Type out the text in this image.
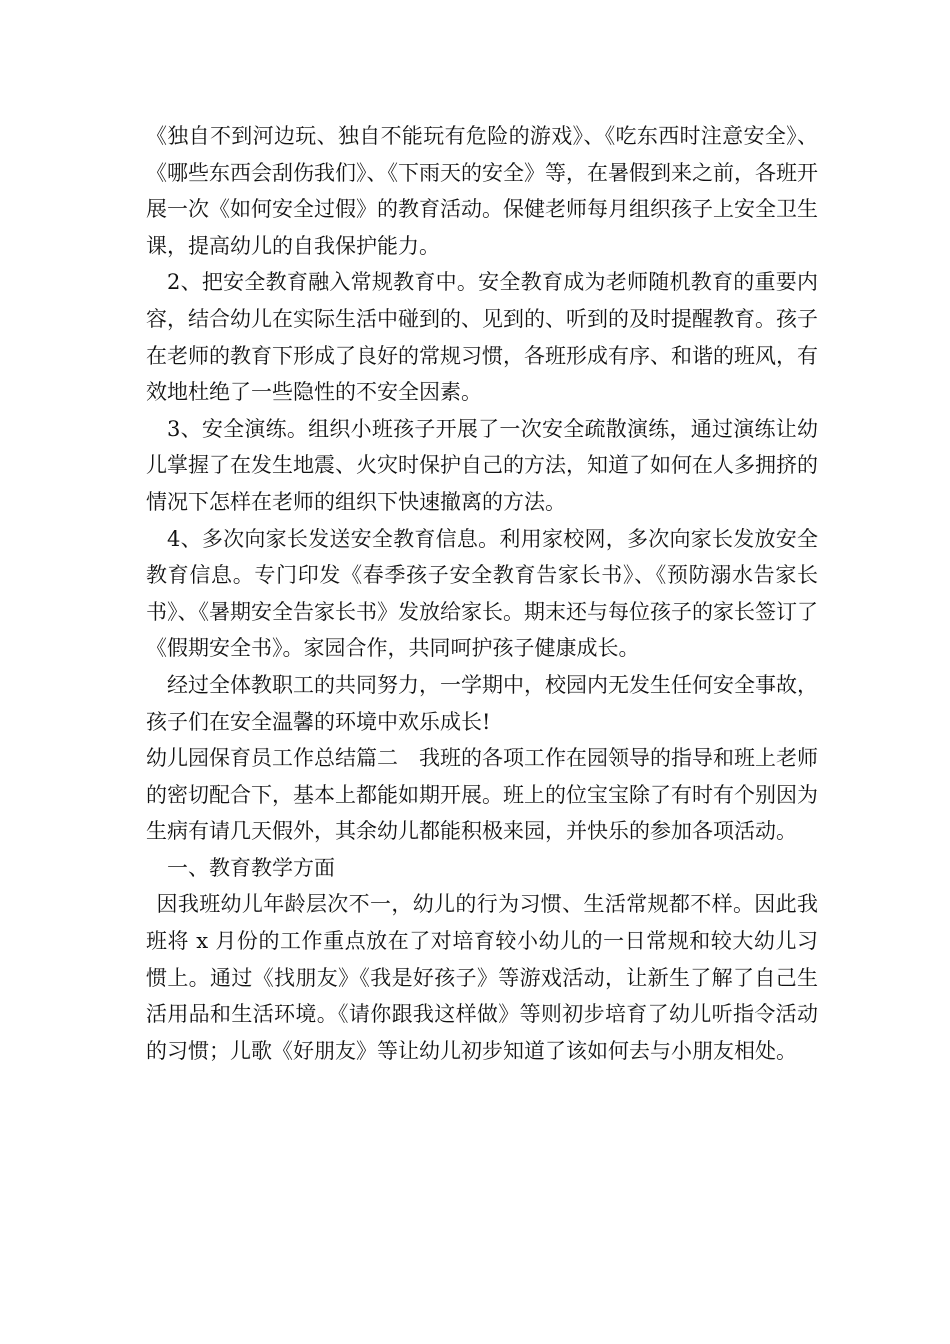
《独自不到河边玩、独自不能玩有危险的游戏》、《吃东西时注意安全》、《哪些东西会刮伤我们》、《下雨天的安全》等，在暑假到来之前，各班开展一次《如何安全过假》的教育活动。保健老师每月组织孩子上安全卫生课，提高幼儿的自我保护能力。

2、把安全教育融入常规教育中。安全教育成为老师随机教育的重要内容，结合幼儿在实际生活中碰到的、见到的、听到的及时提醒教育。孩子在老师的教育下形成了良好的常规习惯，各班形成有序、和谐的班风，有效地杜绝了一些隐性的不安全因素。

3、安全演练。组织小班孩子开展了一次安全疏散演练，通过演练让幼儿掌握了在发生地震、火灾时保护自己的方法，知道了如何在人多拥挤的情况下怎样在老师的组织下快速撤离的方法。

4、多次向家长发送安全教育信息。利用家校网，多次向家长发放安全教育信息。专门印发《春季孩子安全教育告家长书》、《预防溺水告家长书》、《暑期安全告家长书》发放给家长。期末还与每位孩子的家长签订了《假期安全书》。家园合作，共同呵护孩子健康成长。

经过全体教职工的共同努力，一学期中，校园内无发生任何安全事故，孩子们在安全温馨的环境中欢乐成长!

幼儿园保育员工作总结篇二　我班的各项工作在园领导的指导和班上老师的密切配合下，基本上都能如期开展。班上的位宝宝除了有时有个别因为生病有请几天假外，其余幼儿都能积极来园，并快乐的参加各项活动。

一、教育教学方面

因我班幼儿年龄层次不一，幼儿的行为习惯、生活常规都不样。因此我班将 x 月份的工作重点放在了对培育较小幼儿的一日常规和较大幼儿习惯上。通过《找朋友》《我是好孩子》等游戏活动，让新生了解了自己生活用品和生活环境。《请你跟我这样做》等则初步培育了幼儿听指令活动的习惯；儿歌《好朋友》等让幼儿初步知道了该如何去与小朋友相处。
